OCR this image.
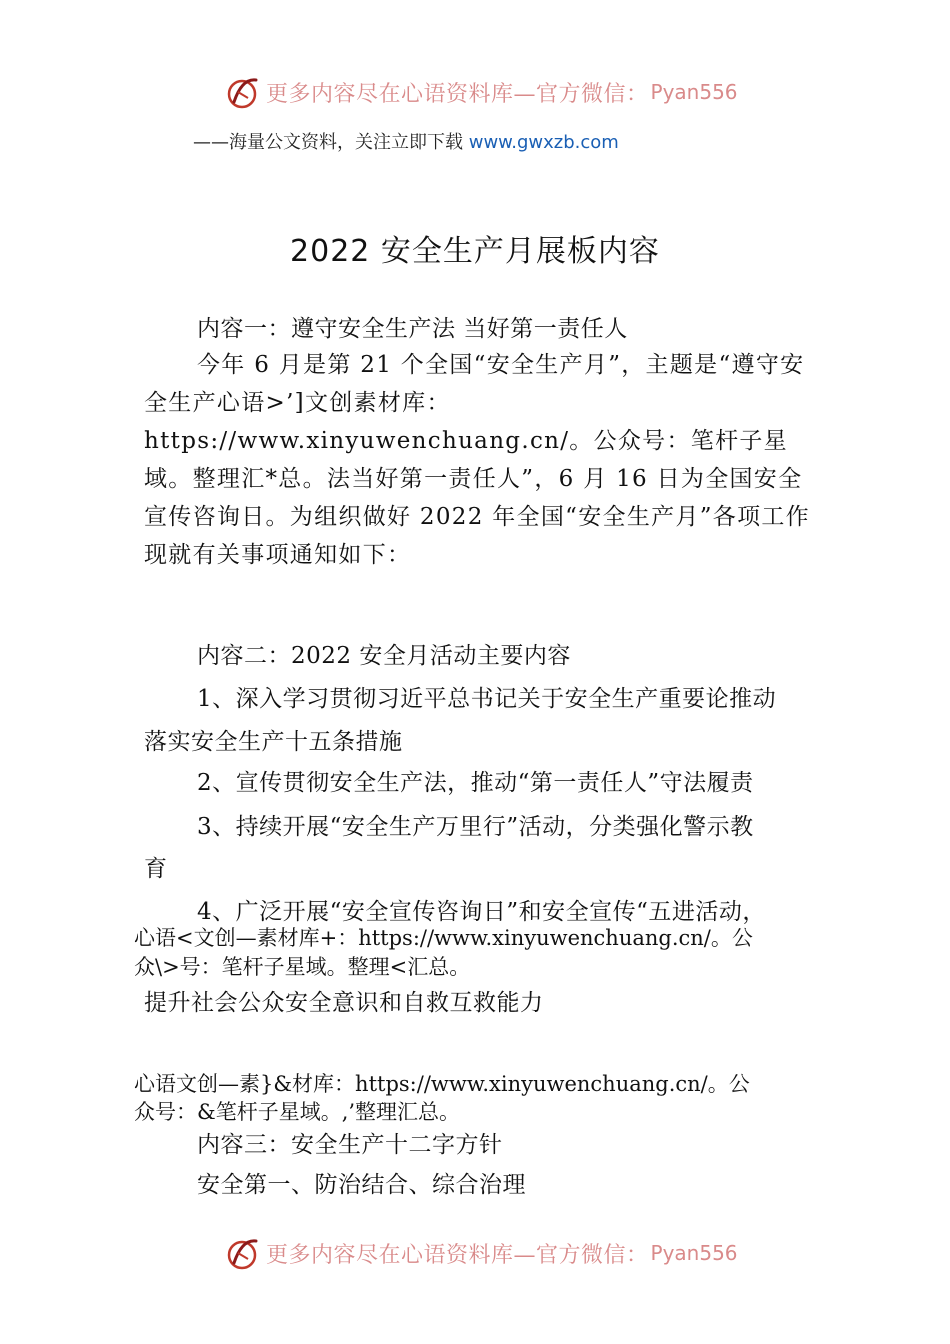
更多内容尽在心语资料库—官方微信： Pyan556
——海量公文资料，关注立即下载 www.gwxzb.com
2022 安全生产月展板内容
内容一：遵守安全生产法 当好第一责任人
今年 6 月是第 21 个全国“安全生产月”，主题是“遵守安全生产心语>’]文创素材库：https://www.xinyuwenchuang.cn/。公众号：笔杆子星域。整理汇*总。法当好第一责任人”，6 月 16 日为全国安全宣传咨询日。为组织做好 2022 年全国“安全生产月”各项工作现就有关事项通知如下：
内容二：2022 安全月活动主要内容
1、深入学习贯彻习近平总书记关于安全生产重要论推动
落实安全生产十五条措施
2、宣传贯彻安全生产法，推动“第一责任人”守法履责
3、持续开展“安全生产万里行”活动，分类强化警示教
育
4、广泛开展“安全宣传咨询日”和安全宣传“五进活动，
心语<文创—素材库+：https://www.xinyuwenchuang.cn/。公
众\>号：笔杆子星域。整理<汇总。
提升社会公众安全意识和自救互救能力
心语文创—素}&材库：https://www.xinyuwenchuang.cn/。公
众号：&笔杆子星域。,’整理汇总。
内容三：安全生产十二字方针
安全第一、防治结合、综合治理
更多内容尽在心语资料库—官方微信： Pyan556
